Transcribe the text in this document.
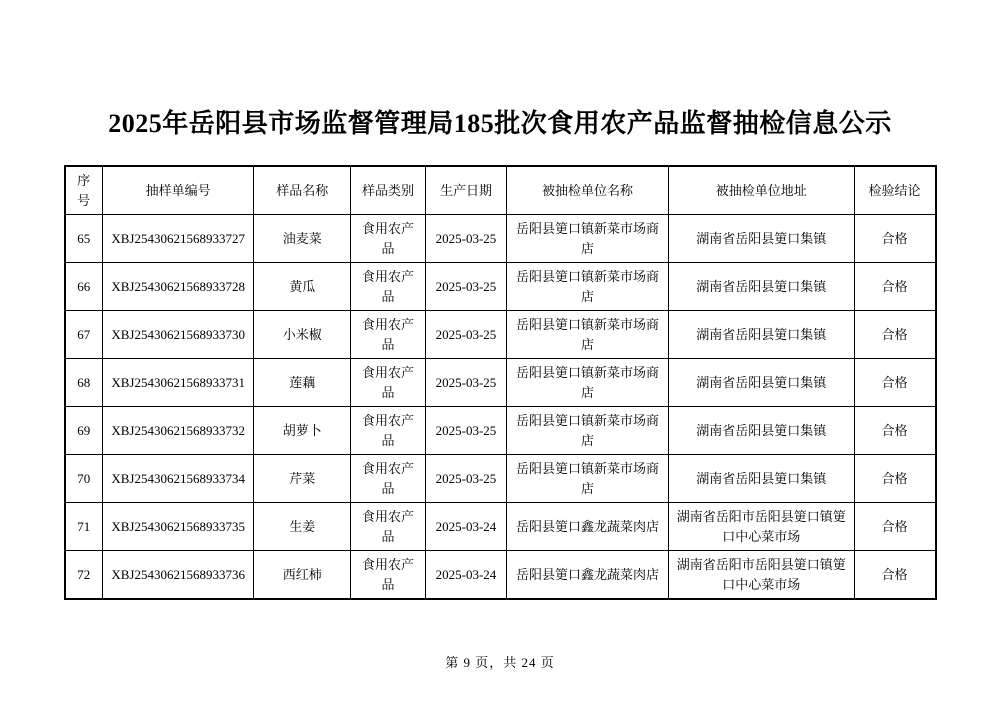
2025年岳阳县市场监督管理局185批次食用农产品监督抽检信息公示
序号	抽样单编号	样品名称	样品类别	生产日期	被抽检单位名称	被抽检单位地址	检验结论
65	XBJ25430621568933727	油麦菜	食用农产品	2025-03-25	岳阳县筻口镇新菜市场商店	湖南省岳阳县筻口集镇	合格
66	XBJ25430621568933728	黄瓜	食用农产品	2025-03-25	岳阳县筻口镇新菜市场商店	湖南省岳阳县筻口集镇	合格
67	XBJ25430621568933730	小米椒	食用农产品	2025-03-25	岳阳县筻口镇新菜市场商店	湖南省岳阳县筻口集镇	合格
68	XBJ25430621568933731	莲藕	食用农产品	2025-03-25	岳阳县筻口镇新菜市场商店	湖南省岳阳县筻口集镇	合格
69	XBJ25430621568933732	胡萝卜	食用农产品	2025-03-25	岳阳县筻口镇新菜市场商店	湖南省岳阳县筻口集镇	合格
70	XBJ25430621568933734	芹菜	食用农产品	2025-03-25	岳阳县筻口镇新菜市场商店	湖南省岳阳县筻口集镇	合格
71	XBJ25430621568933735	生姜	食用农产品	2025-03-24	岳阳县筻口鑫龙蔬菜肉店	湖南省岳阳市岳阳县筻口镇筻口中心菜市场	合格
72	XBJ25430621568933736	西红柿	食用农产品	2025-03-24	岳阳县筻口鑫龙蔬菜肉店	湖南省岳阳市岳阳县筻口镇筻口中心菜市场	合格
第 9 页，共 24 页
